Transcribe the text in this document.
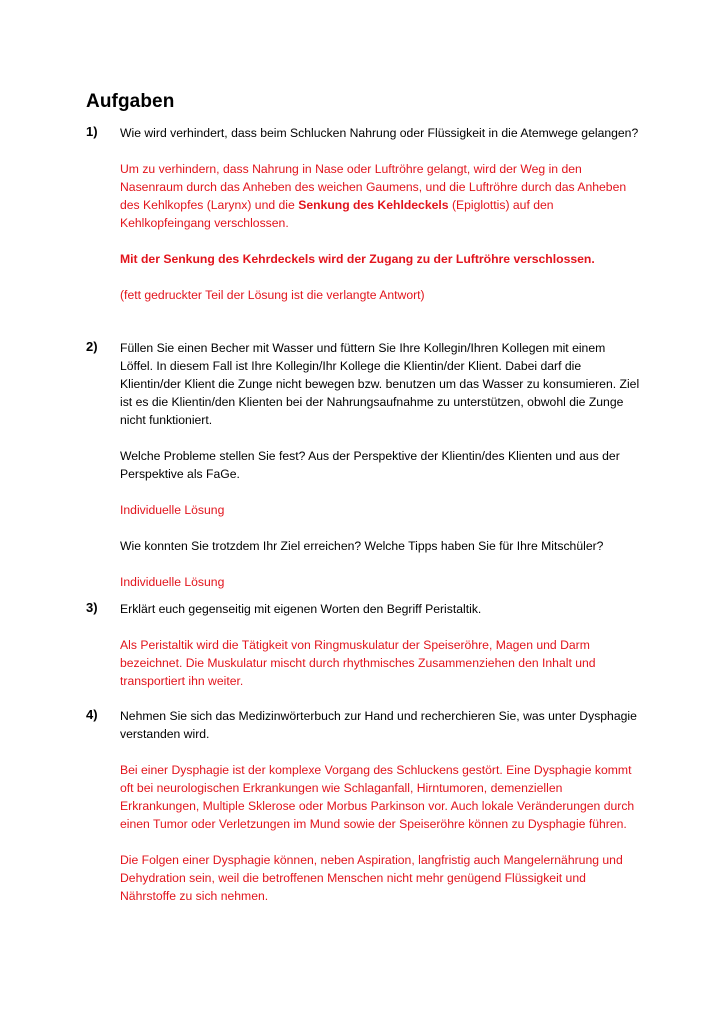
Aufgaben
1) Wie wird verhindert, dass beim Schlucken Nahrung oder Flüssigkeit in die Atemwege gelangen?

Um zu verhindern, dass Nahrung in Nase oder Luftröhre gelangt, wird der Weg in den Nasenraum durch das Anheben des weichen Gaumens, und die Luftröhre durch das Anheben des Kehlkopfes (Larynx) und die Senkung des Kehldeckels (Epiglottis) auf den Kehlkopfeingang verschlossen.

Mit der Senkung des Kehrdeckels wird der Zugang zu der Luftröhre verschlossen.

(fett gedruckter Teil der Lösung ist die verlangte Antwort)

2) Füllen Sie einen Becher mit Wasser und füttern Sie Ihre Kollegin/Ihren Kollegen mit einem Löffel. In diesem Fall ist Ihre Kollegin/Ihr Kollege die Klientin/der Klient. Dabei darf die Klientin/der Klient die Zunge nicht bewegen bzw. benutzen um das Wasser zu konsumieren. Ziel ist es die Klientin/den Klienten bei der Nahrungsaufnahme zu unterstützen, obwohl die Zunge nicht funktioniert.

Welche Probleme stellen Sie fest? Aus der Perspektive der Klientin/des Klienten und aus der Perspektive als FaGe.

Individuelle Lösung

Wie konnten Sie trotzdem Ihr Ziel erreichen? Welche Tipps haben Sie für Ihre Mitschüler?

Individuelle Lösung

3) Erklärt euch gegenseitig mit eigenen Worten den Begriff Peristaltik.

Als Peristaltik wird die Tätigkeit von Ringmuskulatur der Speiseröhre, Magen und Darm bezeichnet. Die Muskulatur mischt durch rhythmisches Zusammenziehen den Inhalt und transportiert ihn weiter.

4) Nehmen Sie sich das Medizinwörterbuch zur Hand und recherchieren Sie, was unter Dysphagie verstanden wird.

Bei einer Dysphagie ist der komplexe Vorgang des Schluckens gestört. Eine Dysphagie kommt oft bei neurologischen Erkrankungen wie Schlaganfall, Hirntumoren, demenziellen Erkrankungen, Multiple Sklerose oder Morbus Parkinson vor. Auch lokale Veränderungen durch einen Tumor oder Verletzungen im Mund sowie der Speiseröhre können zu Dysphagie führen.

Die Folgen einer Dysphagie können, neben Aspiration, langfristig auch Mangelernährung und Dehydration sein, weil die betroffenen Menschen nicht mehr genügend Flüssigkeit und Nährstoffe zu sich nehmen.
